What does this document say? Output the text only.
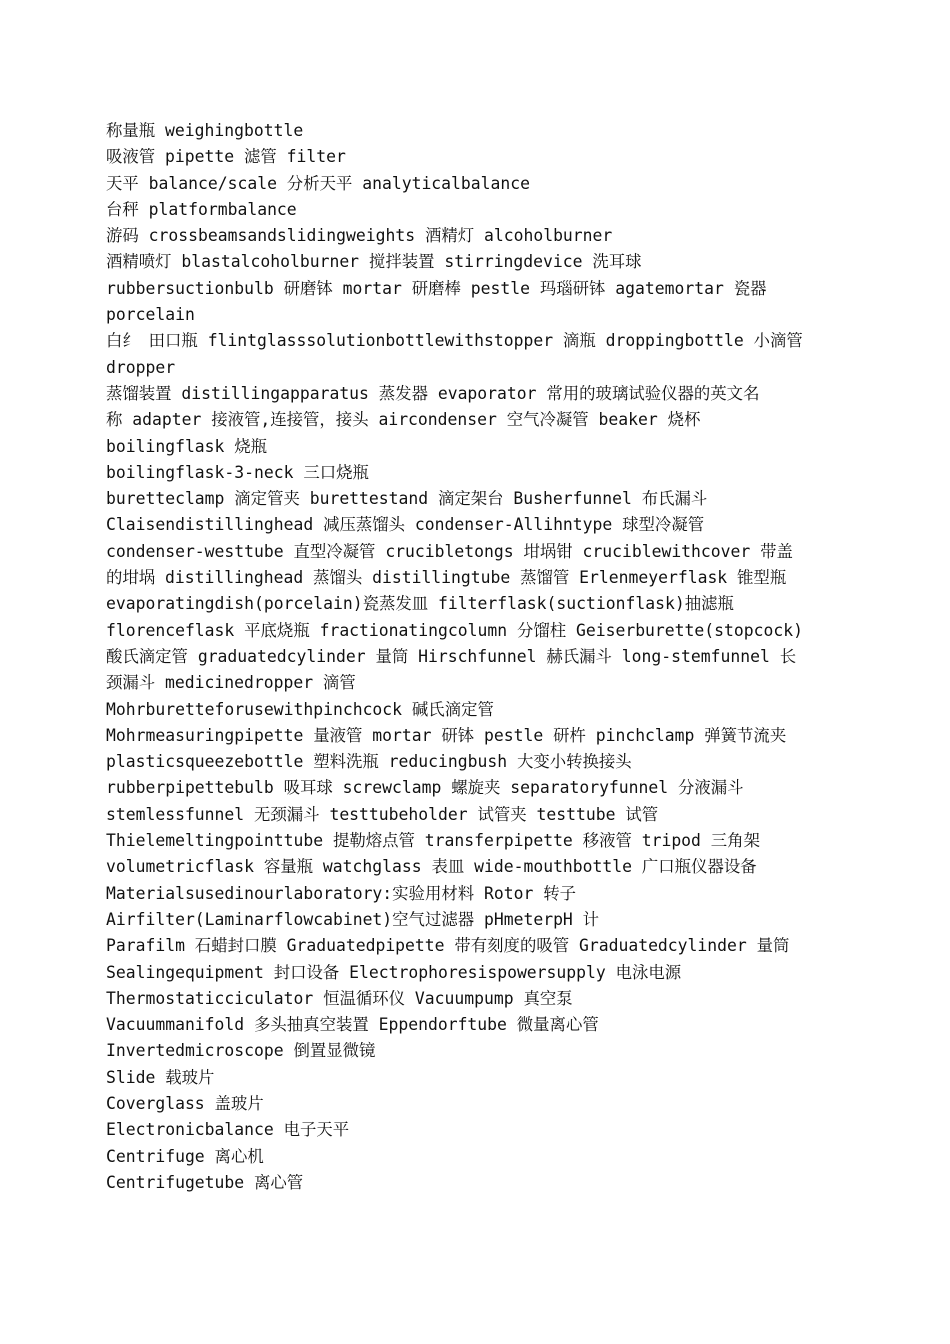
称量瓶 weighingbottle
吸液管 pipette 滤管 filter
天平 balance/scale 分析天平 analyticalbalance
台秤 platformbalance
游码 crossbeamsandslidingweights 酒精灯 alcoholburner
酒精喷灯 blastalcoholburner 搅拌装置 stirringdevice 洗耳球
rubbersuctionbulb 研磨钵 mortar 研磨棒 pestle 玛瑙研钵 agatemortar 瓷器
porcelain
白纟 田口瓶 flintglasssolutionbottlewithstopper 滴瓶 droppingbottle 小滴管
dropper
蒸馏装置 distillingapparatus 蒸发器 evaporator 常用的玻璃试验仪器的英文名
称 adapter 接液管,连接管，接头 aircondenser 空气冷凝管 beaker 烧杯
boilingflask 烧瓶
boilingflask-3-neck 三口烧瓶
buretteclamp 滴定管夹 burettestand 滴定架台 Busherfunnel 布氏漏斗
Claisendistillinghead 减压蒸馏头 condenser-Allihntype 球型冷凝管
condenser-westtube 直型冷凝管 crucibletongs 坩埚钳 cruciblewithcover 带盖
的坩埚 distillinghead 蒸馏头 distillingtube 蒸馏管 Erlenmeyerflask 锥型瓶
evaporatingdish(porcelain)瓷蒸发皿 filterflask(suctionflask)抽滤瓶
florenceflask 平底烧瓶 fractionatingcolumn 分馏柱 Geiserburette(stopcock)
酸氏滴定管 graduatedcylinder 量筒 Hirschfunnel 赫氏漏斗 long-stemfunnel 长
颈漏斗 medicinedropper 滴管
Mohrburetteforusewithpinchcock 碱氏滴定管
Mohrmeasuringpipette 量液管 mortar 研钵 pestle 研杵 pinchclamp 弹簧节流夹
plasticsqueezebottle 塑料洗瓶 reducingbush 大变小转换接头
rubberpipettebulb 吸耳球 screwclamp 螺旋夹 separatoryfunnel 分液漏斗
stemlessfunnel 无颈漏斗 testtubeholder 试管夹 testtube 试管
Thielemeltingpointtube 提勒熔点管 transferpipette 移液管 tripod 三角架
volumetricflask 容量瓶 watchglass 表皿 wide-mouthbottle 广口瓶仪器设备
Materialsusedinourlaboratory:实验用材料 Rotor 转子
Airfilter(Laminarflowcabinet)空气过滤器 pHmeterpH 计
Parafilm 石蜡封口膜 Graduatedpipette 带有刻度的吸管 Graduatedcylinder 量筒
Sealingequipment 封口设备 Electrophoresispowersupply 电泳电源
Thermostaticciculator 恒温循环仪 Vacuumpump 真空泵
Vacuummanifold 多头抽真空装置 Eppendorftube 微量离心管
Invertedmicroscope 倒置显微镜
Slide 载玻片
Coverglass 盖玻片
Electronicbalance 电子天平
Centrifuge 离心机
Centrifugetube 离心管
